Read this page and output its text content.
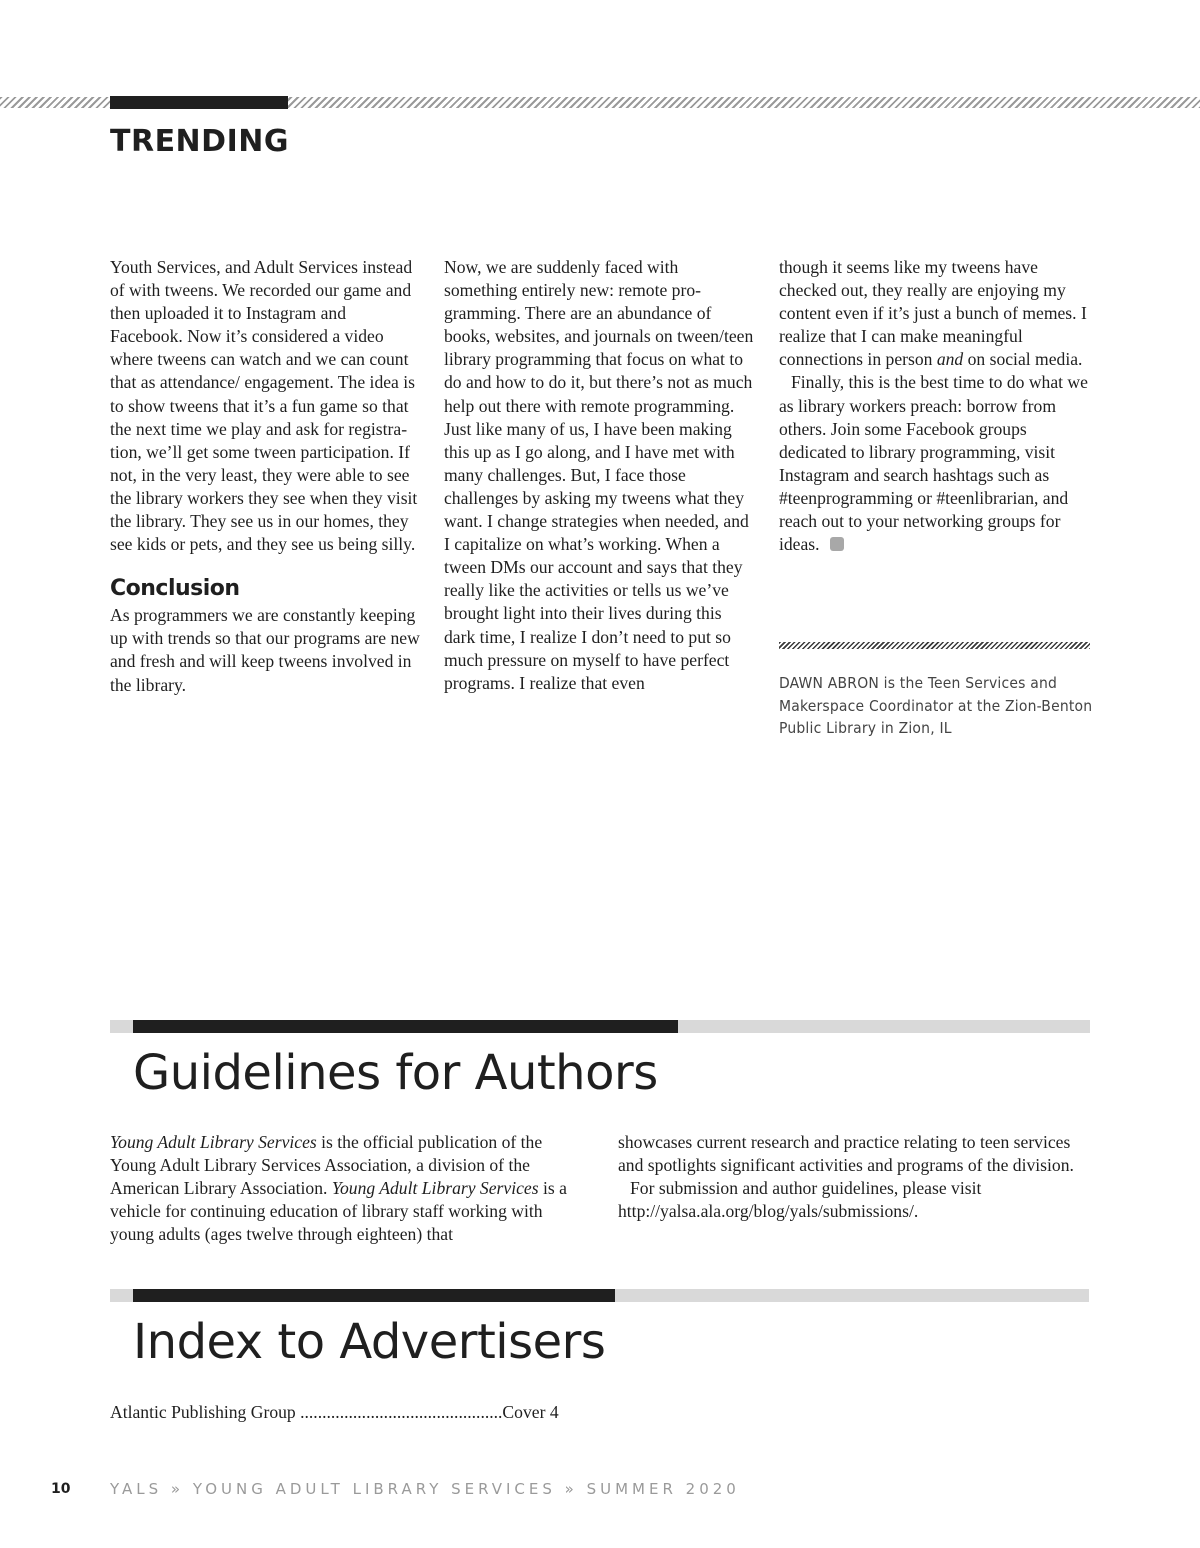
TRENDING

Youth Services, and Adult Services instead of with tweens. We recorded our game and then uploaded it to Instagram and Facebook. Now it’s considered a video where tweens can watch and we can count that as attendance/ engagement. The idea is to show tweens that it’s a fun game so that the next time we play and ask for registration, we’ll get some tween participation. If not, in the very least, they were able to see the library workers they see when they visit the library. They see us in our homes, they see kids or pets, and they see us being silly.

Conclusion

As programmers we are constantly keeping up with trends so that our programs are new and fresh and will keep tweens involved in the library.

Now, we are suddenly faced with something entirely new: remote programming. There are an abundance of books, websites, and journals on tween/teen library programming that focus on what to do and how to do it, but there’s not as much help out there with remote programming. Just like many of us, I have been making this up as I go along, and I have met with many challenges. But, I face those challenges by asking my tweens what they want. I change strategies when needed, and I capitalize on what’s working. When a tween DMs our account and says that they really like the activities or tells us we’ve brought light into their lives during this dark time, I realize I don’t need to put so much pressure on myself to have perfect programs. I realize that even

though it seems like my tweens have checked out, they really are enjoying my content even if it’s just a bunch of memes. I realize that I can make meaningful connections in person and on social media.

Finally, this is the best time to do what we as library workers preach: borrow from others. Join some Facebook groups dedicated to library programming, visit Instagram and search hashtags such as #teenprogramming or #teenlibrarian, and reach out to your networking groups for ideas.

DAWN ABRON is the Teen Services and Makerspace Coordinator at the Zion-Benton Public Library in Zion, IL
Guidelines for Authors

Young Adult Library Services is the official publication of the Young Adult Library Services Association, a division of the American Library Association. Young Adult Library Services is a vehicle for continuing education of library staff working with young adults (ages twelve through eighteen) that

showcases current research and practice relating to teen services and spotlights significant activities and programs of the division.

For submission and author guidelines, please visit http://yalsa.ala.org/blog/yals/submissions/.

Index to Advertisers
Atlantic Publishing Group ..............................................Cover 4
10	YALS » YOUNG ADULT LIBRARY SERVICES » SUMMER 2020
